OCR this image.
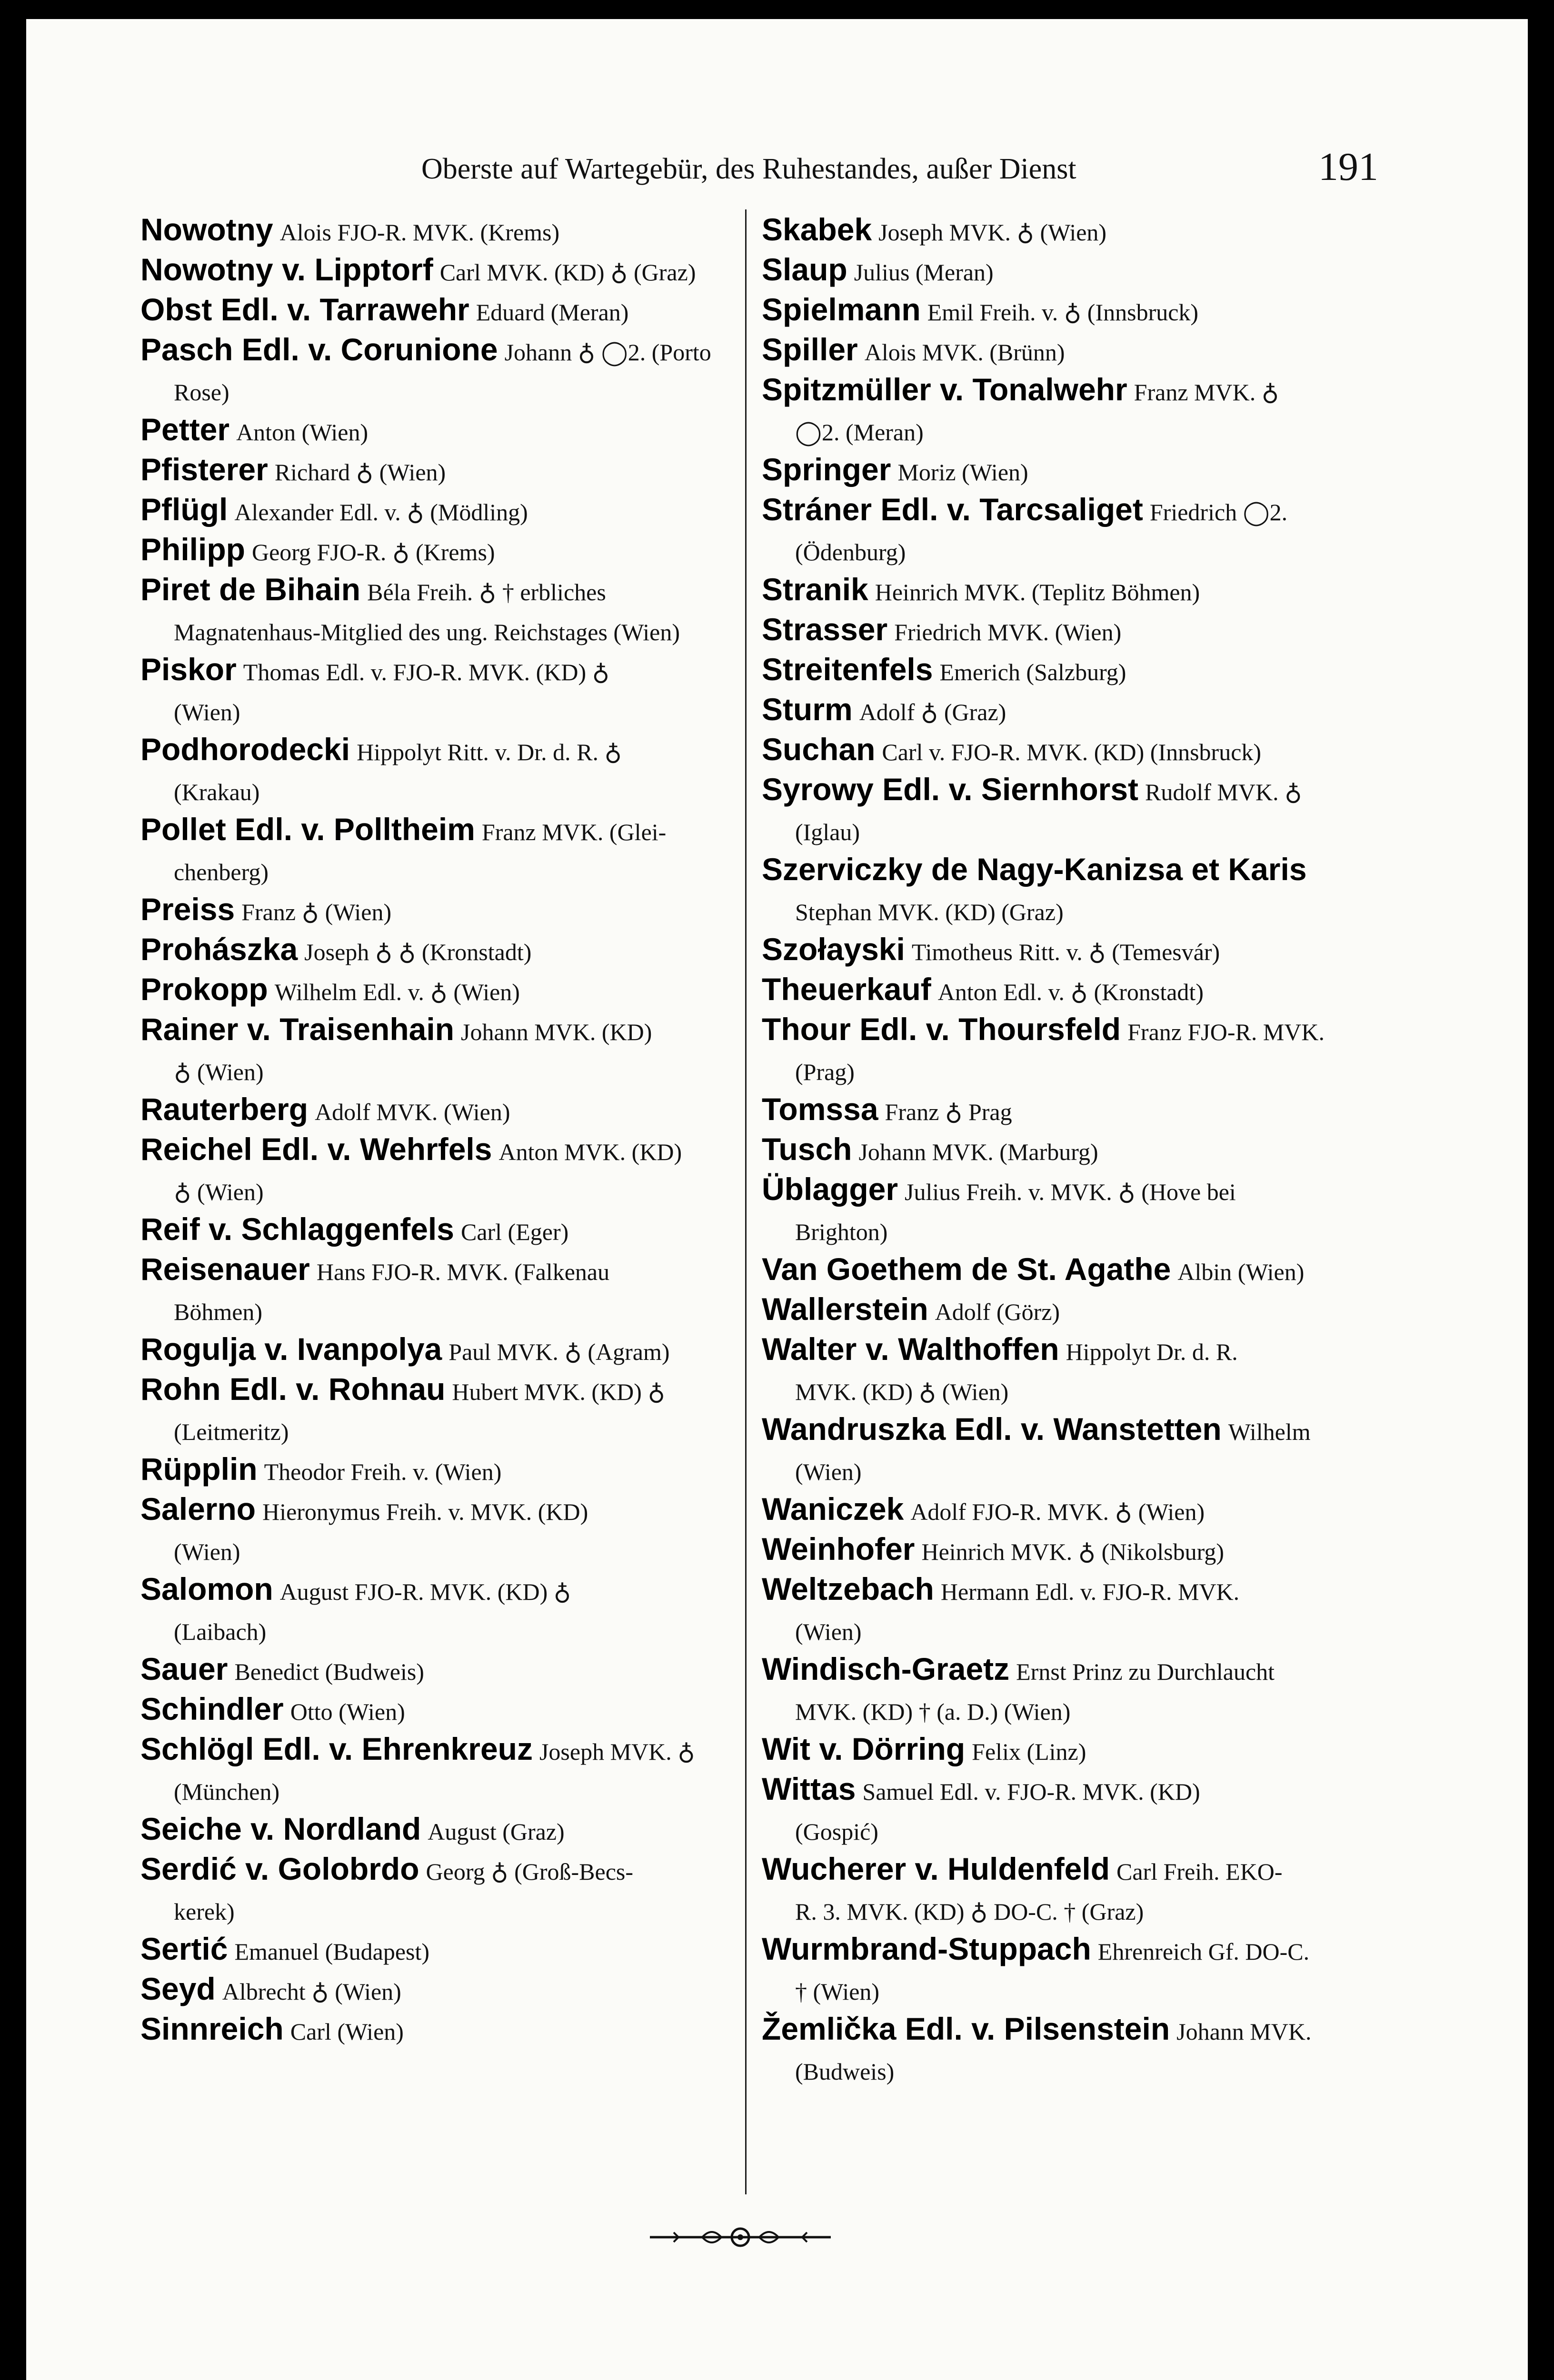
Oberste auf Wartegebür, des Ruhestandes, außer Dienst	191
Nowotny Alois FJO-R. MVK. (Krems)
Nowotny v. Lipptorf Carl MVK. (KD) ♁ (Graz)
Obst Edl. v. Tarrawehr Eduard (Meran)
Pasch Edl. v. Corunione Johann ♁ ◯2. (Porto
Rose)
Petter Anton (Wien)
Pfisterer Richard ♁ (Wien)
Pflügl Alexander Edl. v. ♁ (Mödling)
Philipp Georg FJO-R. ♁ (Krems)
Piret de Bihain Béla Freih. ♁ † erbliches
Magnatenhaus-Mitglied des ung. Reichstages (Wien)
Piskor Thomas Edl. v. FJO-R. MVK. (KD) ♁
(Wien)
Podhorodecki Hippolyt Ritt. v. Dr. d. R. ♁
(Krakau)
Pollet Edl. v. Polltheim Franz MVK. (Glei-
chenberg)
Preiss Franz ♁ (Wien)
Prohászka Joseph ♁ ♁ (Kronstadt)
Prokopp Wilhelm Edl. v. ♁ (Wien)
Rainer v. Traisenhain Johann MVK. (KD)
♁ (Wien)
Rauterberg Adolf MVK. (Wien)
Reichel Edl. v. Wehrfels Anton MVK. (KD)
♁ (Wien)
Reif v. Schlaggenfels Carl (Eger)
Reisenauer Hans FJO-R. MVK. (Falkenau
Böhmen)
Rogulja v. Ivanpolya Paul MVK. ♁ (Agram)
Rohn Edl. v. Rohnau Hubert MVK. (KD) ♁
(Leitmeritz)
Rüpplin Theodor Freih. v. (Wien)
Salerno Hieronymus Freih. v. MVK. (KD)
(Wien)
Salomon August FJO-R. MVK. (KD) ♁
(Laibach)
Sauer Benedict (Budweis)
Schindler Otto (Wien)
Schlögl Edl. v. Ehrenkreuz Joseph MVK. ♁
(München)
Seiche v. Nordland August (Graz)
Serdić v. Golobrdo Georg ♁ (Groß-Becs-
kerek)
Sertić Emanuel (Budapest)
Seyd Albrecht ♁ (Wien)
Sinnreich Carl (Wien)
Skabek Joseph MVK. ♁ (Wien)
Slaup Julius (Meran)
Spielmann Emil Freih. v. ♁ (Innsbruck)
Spiller Alois MVK. (Brünn)
Spitzmüller v. Tonalwehr Franz MVK. ♁
◯2. (Meran)
Springer Moriz (Wien)
Stráner Edl. v. Tarcsaliget Friedrich ◯2.
(Ödenburg)
Stranik Heinrich MVK. (Teplitz Böhmen)
Strasser Friedrich MVK. (Wien)
Streitenfels Emerich (Salzburg)
Sturm Adolf ♁ (Graz)
Suchan Carl v. FJO-R. MVK. (KD) (Innsbruck)
Syrowy Edl. v. Siernhorst Rudolf MVK. ♁
(Iglau)
Szerviczky de Nagy-Kanizsa et Karis
Stephan MVK. (KD) (Graz)
Szołayski Timotheus Ritt. v. ♁ (Temesvár)
Theuerkauf Anton Edl. v. ♁ (Kronstadt)
Thour Edl. v. Thoursfeld Franz FJO-R. MVK.
(Prag)
Tomssa Franz ♁ Prag
Tusch Johann MVK. (Marburg)
Üblagger Julius Freih. v. MVK. ♁ (Hove bei
Brighton)
Van Goethem de St. Agathe Albin (Wien)
Wallerstein Adolf (Görz)
Walter v. Walthoffen Hippolyt Dr. d. R.
MVK. (KD) ♁ (Wien)
Wandruszka Edl. v. Wanstetten Wilhelm
(Wien)
Waniczek Adolf FJO-R. MVK. ♁ (Wien)
Weinhofer Heinrich MVK. ♁ (Nikolsburg)
Weltzebach Hermann Edl. v. FJO-R. MVK.
(Wien)
Windisch-Graetz Ernst Prinz zu Durchlaucht
MVK. (KD) † (a. D.) (Wien)
Wit v. Dörring Felix (Linz)
Wittas Samuel Edl. v. FJO-R. MVK. (KD)
(Gospić)
Wucherer v. Huldenfeld Carl Freih. EKO-
R. 3. MVK. (KD) ♁ DO-C. † (Graz)
Wurmbrand-Stuppach Ehrenreich Gf. DO-C.
† (Wien)
Žemlička Edl. v. Pilsenstein Johann MVK.
(Budweis)
